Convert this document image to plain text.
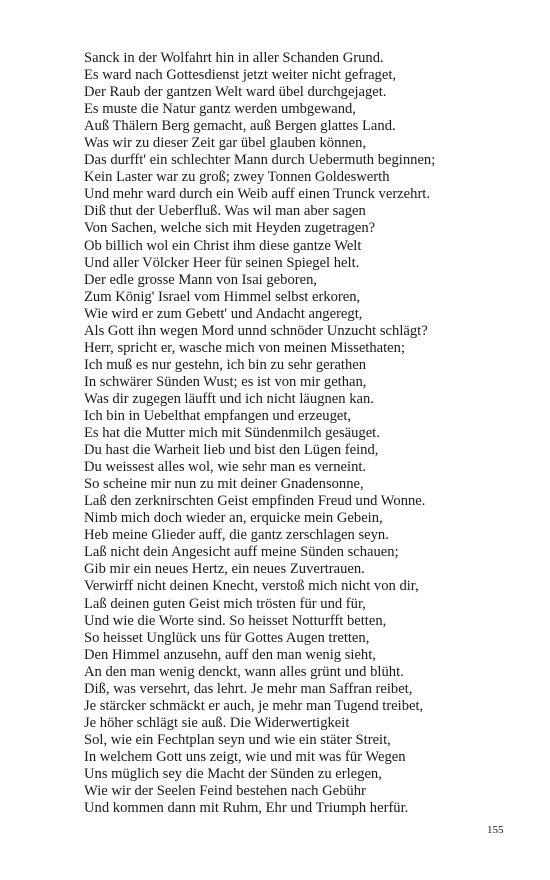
Sanck in der Wolfahrt hin in aller Schanden Grund.
Es ward nach Gottesdienst jetzt weiter nicht gefraget,
Der Raub der gantzen Welt ward übel durchgejaget.
Es muste die Natur gantz werden umbgewand,
Auß Thälern Berg gemacht, auß Bergen glattes Land.
Was wir zu dieser Zeit gar übel glauben können,
Das durfft' ein schlechter Mann durch Uebermuth beginnen;
Kein Laster war zu groß; zwey Tonnen Goldeswerth
Und mehr ward durch ein Weib auff einen Trunck verzehrt.
Diß thut der Ueberfluß. Was wil man aber sagen
Von Sachen, welche sich mit Heyden zugetragen?
Ob billich wol ein Christ ihm diese gantze Welt
Und aller Völcker Heer für seinen Spiegel helt.
Der edle grosse Mann von Isai geboren,
Zum König' Israel vom Himmel selbst erkoren,
Wie wird er zum Gebett' und Andacht angeregt,
Als Gott ihn wegen Mord unnd schnöder Unzucht schlägt?
Herr, spricht er, wasche mich von meinen Missethaten;
Ich muß es nur gestehn, ich bin zu sehr gerathen
In schwärer Sünden Wust; es ist von mir gethan,
Was dir zugegen läufft und ich nicht läugnen kan.
Ich bin in Uebelthat empfangen und erzeuget,
Es hat die Mutter mich mit Sündenmilch gesäuget.
Du hast die Warheit lieb und bist den Lügen feind,
Du weissest alles wol, wie sehr man es verneint.
So scheine mir nun zu mit deiner Gnadensonne,
Laß den zerknirschten Geist empfinden Freud und Wonne.
Nimb mich doch wieder an, erquicke mein Gebein,
Heb meine Glieder auff, die gantz zerschlagen seyn.
Laß nicht dein Angesicht auff meine Sünden schauen;
Gib mir ein neues Hertz, ein neues Zuvertrauen.
Verwirff nicht deinen Knecht, verstoß mich nicht von dir,
Laß deinen guten Geist mich trösten für und für,
Und wie die Worte sind. So heisset Notturfft betten,
So heisset Unglück uns für Gottes Augen tretten,
Den Himmel anzusehn, auff den man wenig sieht,
An den man wenig denckt, wann alles grünt und blüht.
Diß, was versehrt, das lehrt. Je mehr man Saffran reibet,
Je stärcker schmäckt er auch, je mehr man Tugend treibet,
Je höher schlägt sie auß. Die Widerwertigkeit
Sol, wie ein Fechtplan seyn und wie ein stäter Streit,
In welchem Gott uns zeigt, wie und mit was für Wegen
Uns müglich sey die Macht der Sünden zu erlegen,
Wie wir der Seelen Feind bestehen nach Gebühr
Und kommen dann mit Ruhm, Ehr und Triumph herfür.
155
